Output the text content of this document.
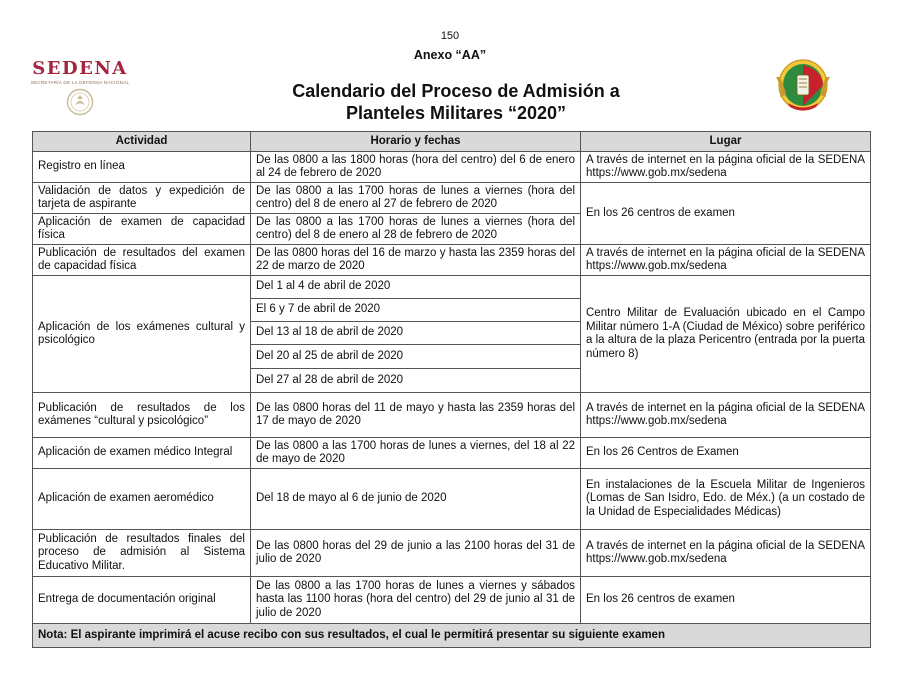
150
Anexo “AA”
SEDENA
SECRETARÍA DE LA DEFENSA NACIONAL	Calendario del Proceso de Admisión a
Planteles Militares “2020”
Actividad	Horario y fechas	Lugar
Registro en línea	De las 0800 a las 1800 horas (hora del centro) del 6 de enero al 24 de febrero de 2020	A través de internet en la página oficial de la SEDENA https://www.gob.mx/sedena
Validación de datos y expedición de tarjeta de aspirante	De las 0800 a las 1700 horas de lunes a viernes (hora del centro) del 8 de enero al 27 de febrero de 2020	En los 26 centros de examen
Aplicación de examen de capacidad física	De las 0800 a las 1700 horas de lunes a viernes (hora del centro) del 8 de enero al 28 de febrero de 2020	
Publicación de resultados del examen de capacidad física	De las 0800 horas del 16 de marzo y hasta las 2359 horas del 22 de marzo de 2020	A través de internet en la página oficial de la SEDENA https://www.gob.mx/sedena
Aplicación de los exámenes cultural y psicológico	Del 1 al 4 de abril de 2020	Centro Militar de Evaluación ubicado en el Campo Militar número 1-A (Ciudad de México) sobre periférico a la altura de la plaza Pericentro (entrada por la puerta número 8)
	El 6 y 7 de abril de 2020	
	Del 13 al 18 de abril de 2020	
	Del 20 al 25 de abril de 2020	
	Del 27 al 28 de abril de 2020	
Publicación de resultados de los exámenes “cultural y psicológico”	De las 0800 horas del 11 de mayo y hasta las 2359 horas del 17 de mayo de 2020	A través de internet en la página oficial de la SEDENA https://www.gob.mx/sedena
Aplicación de examen médico Integral	De las 0800 a las 1700 horas de lunes a viernes, del 18 al 22 de mayo de 2020	En los 26 Centros de Examen
Aplicación de examen aeromédico	Del 18 de mayo al 6 de junio de 2020	En instalaciones de la Escuela Militar de Ingenieros (Lomas de San Isidro, Edo. de Méx.) (a un costado de la Unidad de Especialidades Médicas)
Publicación de resultados finales del proceso de admisión al Sistema Educativo Militar.	De las 0800 horas del 29 de junio a las 2100 horas del 31 de julio de 2020	A través de internet en la página oficial de la SEDENA https://www.gob.mx/sedena
Entrega de documentación original	De las 0800 a las 1700 horas de lunes a viernes y sábados hasta las 1100 horas (hora del centro) del 29 de junio al 31 de julio de 2020	En los 26 centros de examen
Nota: El aspirante imprimirá el acuse recibo con sus resultados, el cual le permitirá presentar su siguiente examen		
